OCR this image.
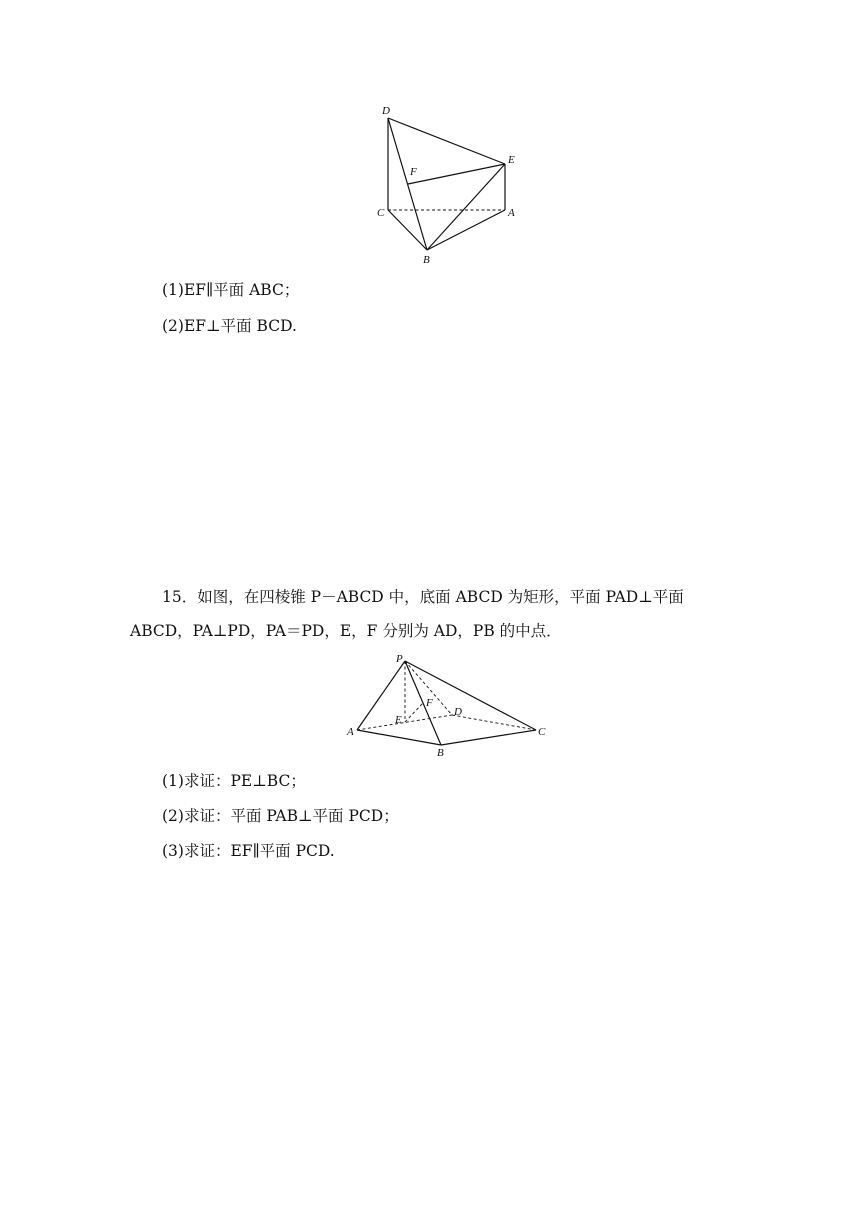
D
E
F
C	A
B
(1)EF∥平面 ABC；
(2)EF⊥平面 BCD.
15．如图，在四棱锥 P－ABCD 中，底面 ABCD 为矩形，平面 PAD⊥平面
ABCD，PA⊥PD，PA＝PD，E，F 分别为 AD，PB 的中点．
P
E
F
D
A	C
B
(1)求证：PE⊥BC；
(2)求证：平面 PAB⊥平面 PCD；
(3)求证：EF∥平面 PCD.
